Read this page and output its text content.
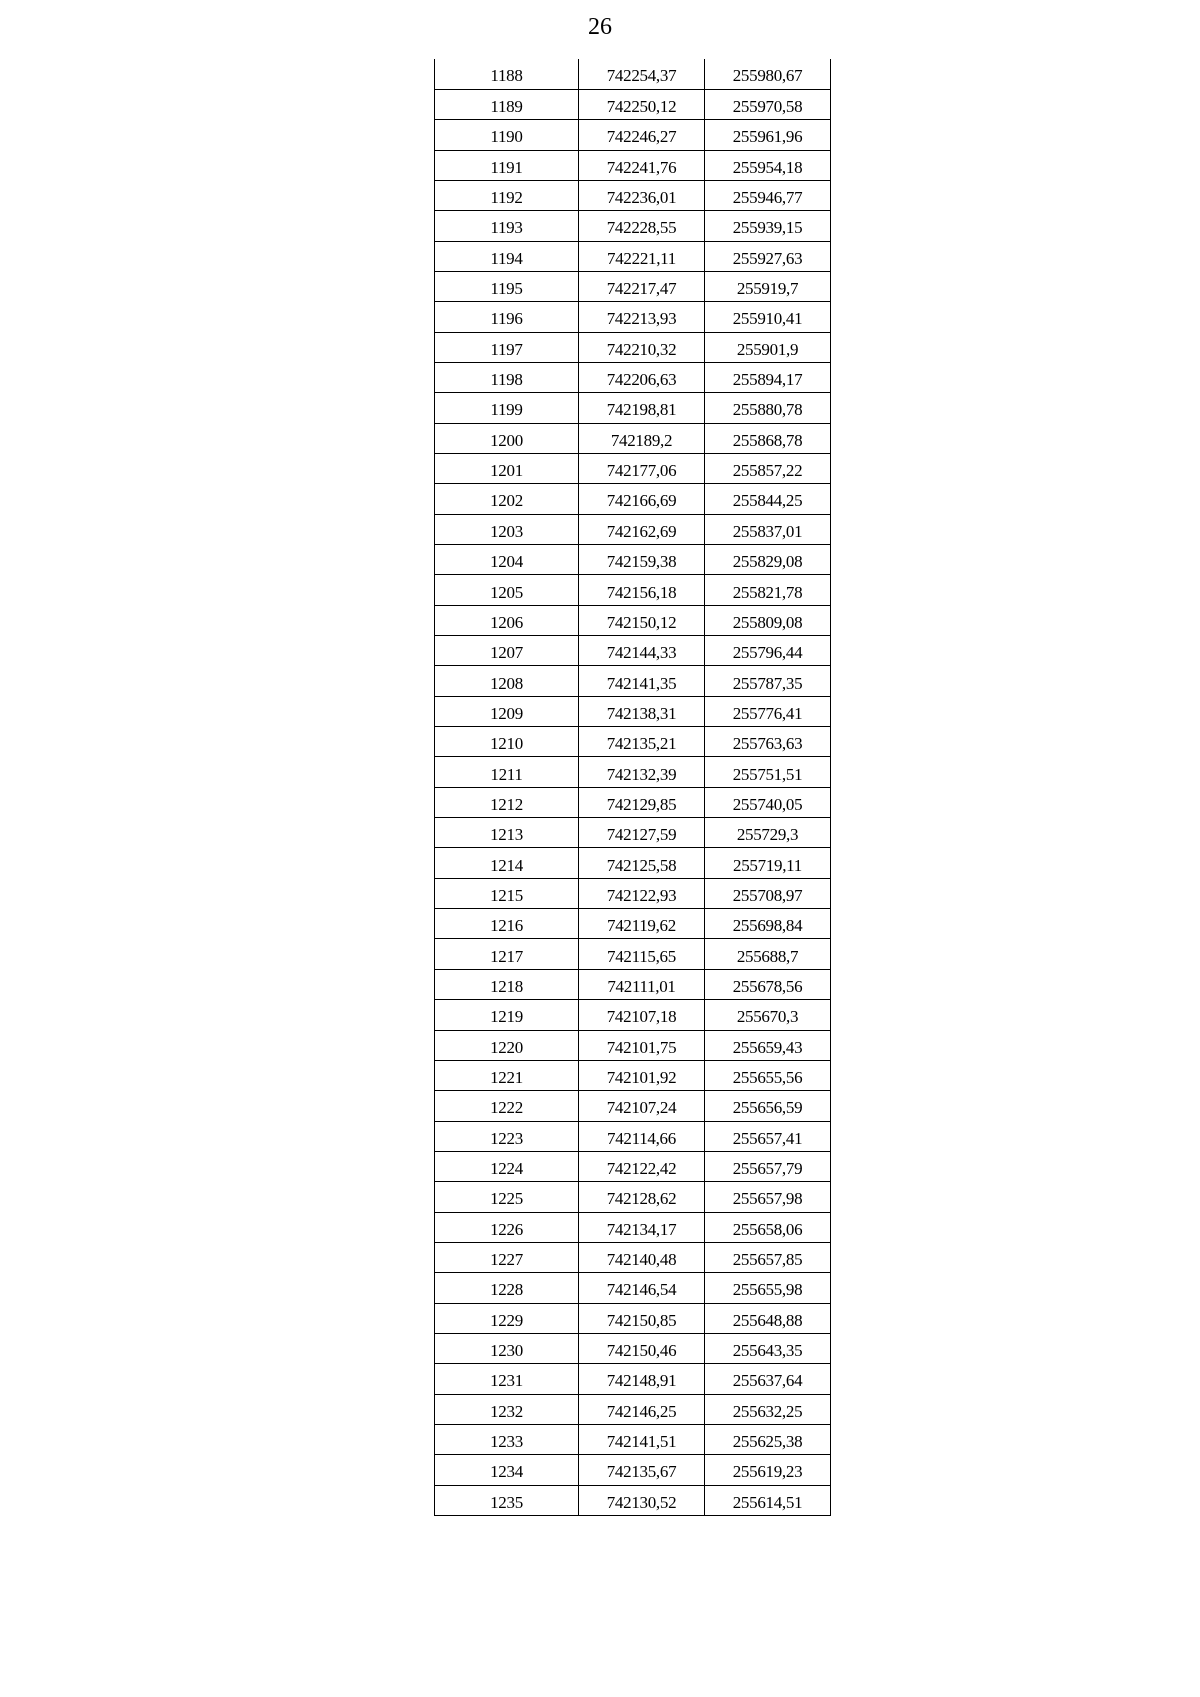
26
1188	742254,37	255980,67
1189	742250,12	255970,58
1190	742246,27	255961,96
1191	742241,76	255954,18
1192	742236,01	255946,77
1193	742228,55	255939,15
1194	742221,11	255927,63
1195	742217,47	255919,7
1196	742213,93	255910,41
1197	742210,32	255901,9
1198	742206,63	255894,17
1199	742198,81	255880,78
1200	742189,2	255868,78
1201	742177,06	255857,22
1202	742166,69	255844,25
1203	742162,69	255837,01
1204	742159,38	255829,08
1205	742156,18	255821,78
1206	742150,12	255809,08
1207	742144,33	255796,44
1208	742141,35	255787,35
1209	742138,31	255776,41
1210	742135,21	255763,63
1211	742132,39	255751,51
1212	742129,85	255740,05
1213	742127,59	255729,3
1214	742125,58	255719,11
1215	742122,93	255708,97
1216	742119,62	255698,84
1217	742115,65	255688,7
1218	742111,01	255678,56
1219	742107,18	255670,3
1220	742101,75	255659,43
1221	742101,92	255655,56
1222	742107,24	255656,59
1223	742114,66	255657,41
1224	742122,42	255657,79
1225	742128,62	255657,98
1226	742134,17	255658,06
1227	742140,48	255657,85
1228	742146,54	255655,98
1229	742150,85	255648,88
1230	742150,46	255643,35
1231	742148,91	255637,64
1232	742146,25	255632,25
1233	742141,51	255625,38
1234	742135,67	255619,23
1235	742130,52	255614,51
